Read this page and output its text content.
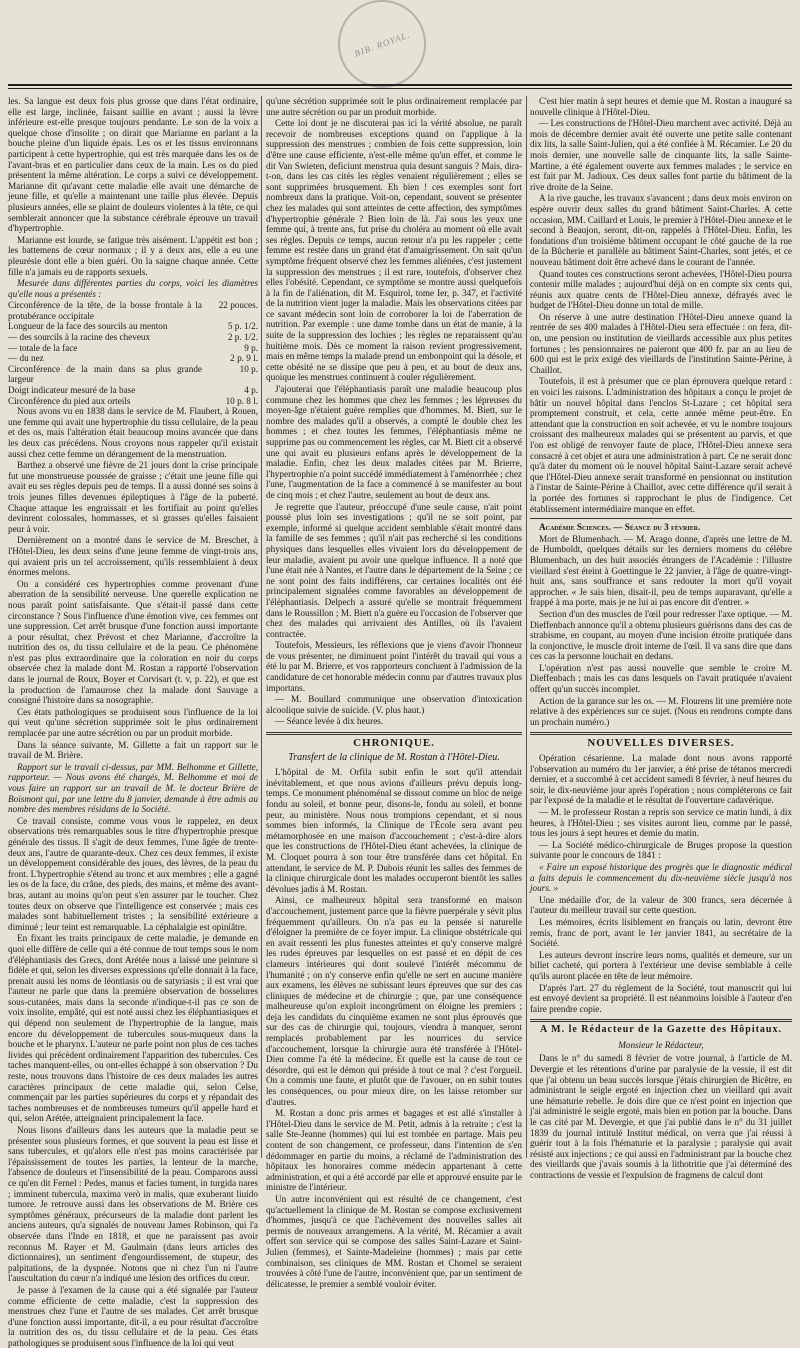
BIB. ROYAL.

les. Sa langue est deux fois plus grosse que dans l'état ordinaire, elle est large, inclinée, faisant saillie en avant ; aussi la lèvre inférieure est-elle presque toujours pendante. Le son de la voix a quelque chose d'insolite ; on dirait que Marianne en parlant a la bouche pleine d'un liquide épais. Les os et les tissus environnans participent à cette hypertrophie, qui est très marquée dans les os de l'avant-bras et en particulier dans ceux de la main. Les os du pied présentent la même altération. Le corps a suivi ce développement. Marianne dit qu'avant cette maladie elle avait une démarche de jeune fille, et qu'elle a maintenant une taille plus élevée. Depuis plusieurs années, elle se plaint de douleurs violentes à la tête, ce qui semblerait annoncer que la substance cérébrale éprouve un travail d'hypertrophie.

Marianne est lourde, se fatigue très aisément. L'appétit est bon ; les battemens de cœur normaux ; il y a deux ans, elle a eu une pleurésie dont elle a bien guéri. On la saigne chaque année. Cette fille n'a jamais eu de rapports sexuels.

Mesurée dans différentes parties du corps, voici les diamètres qu'elle nous a présentés :

Circonférence de la tête, de la bosse frontale à la protubérance occipitale
22 pouces.
Longueur de la face des sourcils au menton	5 p. 1/2.
— des sourcils à la racine des cheveux	2 p. 1/2.
— totale de la face	9 p.
— du nez	2 p. 9 l.
Circonférence de la main dans sa plus grande largeur
10 p.
Doigt indicateur mesuré de la base	4 p.
Circonférence du pied aux orteils	10 p. 8 l.

Nous avons vu en 1838 dans le service de M. Flaubert, à Rouen, une femme qui avait une hypertrophie du tissu cellulaire, de la peau et des os, mais l'altération était beaucoup moins avancée que dans les deux cas précédens. Nous croyons nous rappeler qu'il existait aussi chez cette femme un dérangement de la menstruation.

Barthez a observé une fièvre de 21 jours dont la crise principale fut une monstrueuse poussée de graisse ; c'était une jeune fille qui avait eu ses règles depuis peu de temps. Il a aussi donné ses soins à trois jeunes filles devenues épileptiques à l'âge de la puberté. Chaque attaque les engraissait et les fortifiait au point qu'elles devinrent colossales, hommasses, et si grasses qu'elles faisaient peur à voir.

Dernièrement on a montré dans le service de M. Breschet, à l'Hôtel-Dieu, les deux seins d'une jeune femme de vingt-trois ans, qui avaient pris un tel accroissement, qu'ils ressemblaient à deux énormes melons.

On a considéré ces hypertrophies comme provenant d'une aberration de la sensibilité nerveuse. Une querelle explication ne nous paraît point satisfaisante. Que s'était-il passé dans cette circonstance ? Sous l'influence d'une émotion vive, ces femmes ont une suppression. Cet arrêt brusque d'une fonction aussi importante a pour résultat, chez Prévost et chez Marianne, d'accroître la nutrition des os, du tissu cellulaire et de la peau. Ce phénomène n'est pas plus extraordinaire que la coloration en noir du corps observée chez la malade dont M. Rostan a rapporté l'observation dans le journal de Roux, Boyer et Corvisart (t. v, p. 22), et que est la production de l'amaurose chez la malade dont Sauvage a consigné l'histoire dans sa nosographie.

Ces états pathologiques se produisent sous l'influence de la loi qui veut qu'une sécrétion supprimée soit le plus ordinairement remplacée par une autre sécrétion ou par un produit morbide.

Dans la séance suivante, M. Gillette a fait un rapport sur le travail de M. Brière.

Rapport sur le travail ci-dessus, par MM. Belhomme et Gillette, rapporteur. — Nous avons été chargés, M. Belhomme et moi de vous faire un rapport sur un travail de M. le docteur Brière de Boismont qui, par une lettre du 8 janvier, demande à être admis au nombre des membres résidans de la Société.

Ce travail consiste, comme vous vous le rappelez, en deux observations très remarquables sous le titre d'hypertrophie presque générale des tissus. Il s'agit de deux femmes, l'une âgée de trente-deux ans, l'autre de quarante-deux. Chez ces deux femmes, il existe un développement considérable des joues, des lèvres, de la peau du front. L'hypertrophie s'étend au tronc et aux membres ; elle a gagné les os de la face, du crâne, des pieds, des mains, et même des avant-bras, autant au moins qu'on peut s'en assurer par le toucher. Chez toutes deux on observe que l'intelligence est conservée ; mais ces malades sont habituellement tristes ; la sensibilité extérieure a diminué ; leur teint est remarquable. La céphalalgie est opiniâtre.

En fixant les traits principaux de cette maladie, je demande en quoi elle diffère de celle qui a été connue de tout temps sous le nom d'éléphantiasis des Grecs, dont Arétée nous a laissé une peinture si fidèle et qui, selon les diverses expressions qu'elle donnait à la face, prenait aussi les noms de léontiasis ou de satyriasis ; il est vrai que l'auteur ne parle que dans la première observation de bosselures sous-cutanées, mais dans la seconde n'indique-t-il pas ce son de voix insolite, empâté, qui est noté aussi chez les éléphantiasiques et qui dépend non seulement de l'hypertrophie de la langue, mais encore du développement de tubercules sous-muqueux dans la bouche et le pharynx. L'auteur ne parle point non plus de ces taches livides qui précèdent ordinairement l'apparition des tubercules. Ces taches manquent-elles, ou ont-elles échappé à son observation ? Du reste, nous trouvons dans l'histoire de ces deux malades les autres caractères principaux de cette maladie qui, selon Celse, commençait par les parties supérieures du corps et y répandait des taches nombreuses et de nombreuses tumeurs qu'il appelle hard et qui, selon Arétée, atteignaient principalement la face.

Nous lisons d'ailleurs dans les auteurs que la maladie peut se présenter sous plusieurs formes, et que souvent la peau est lisse et sans tubercules, et qu'alors elle n'est pas moins caractérisée par l'épaississement de toutes les parties, la lenteur de la marche, l'absence de douleurs et l'insensibilité de la peau. Comparons aussi ce qu'en dit Fernel : Pedes, manus et facies tument, in turgida nares ; imminent tubercula, maxima verò in malis, quæ exuberant liuido tumore. Je retrouve aussi dans les observations de M. Brière ces symptômes généraux, précurseurs de la maladie dont parlent les anciens auteurs, qu'a signalés de nouveau James Robinson, qui l'a observée dans l'Inde en 1818, et que ne paraissent pas avoir reconnus M. Rayer et M. Gaulmain (dans leurs articles des dictionnaires), un sentiment d'engourdissement, de stupeur, des palpitations, de la dyspnée. Notons que ni chez l'un ni l'autre l'auscultation du cœur n'a indiqué une lésion des orifices du cœur.

Je passe à l'examen de la cause qui a été signalée par l'auteur comme efficiente de cette maladie, c'est la suppression des menstrues chez l'une et l'autre de ses malades. Cet arrêt brusque d'une fonction aussi importante, dit-il, a eu pour résultat d'accroître la nutrition des os, du tissu cellulaire et de la peau. Ces états pathologiques se produisent sous l'influence de la loi qui veut

qu'une sécrétion supprimée soit le plus ordinairement remplacée par une autre sécrétion ou par un produit morbide.

Cette loi dont je ne discuterai pas ici la vérité absolue, ne paraît recevoir de nombreuses exceptions quand on l'applique à la suppression des menstrues ; combien de fois cette suppression, loin d'être une cause efficiente, n'est-elle même qu'un effet, et comme le dit Van Swieten, deficiunt menstrua quia desunt sanguis ? Mais, dira-t-on, dans les cas cités les règles venaient régulièrement ; elles se sont supprimées brusquement. Eh bien ! ces exemples sont fort nombreux dans la pratique. Voit-on, cependant, souvent se présenter chez les malades qui sont atteintes de cette affection, des symptômes d'hypertrophie générale ? Bien loin de là. J'ai sous les yeux une femme qui, à trente ans, fut prise du choléra au moment où elle avait ses règles. Depuis ce temps, aucun retour n'a pu les rappeler ; cette femme est restée dans un grand état d'amaigrissement. On sait qu'un symptôme fréquent observé chez les femmes aliénées, c'est justement la suppression des menstrues ; il est rare, toutefois, d'observer chez elles l'obésité. Cependant, ce symptôme se montre aussi quelquefois à la fin de l'aliénation, dit M. Esquirol, tome Ier, p. 347, et l'activité de la nutrition vient juger la maladie. Mais les observations citées par ce savant médecin sont loin de corroborer la loi de l'aberration de nutrition. Par exemple : une dame tombe dans un état de manie, à la suite de la suppression des lochies ; les règles ne reparaissent qu'au huitième mois. Dès ce moment la raison revient progressivement, mais en même temps la malade prend un embonpoint qui la désole, et cette obésité ne se dissipe que peu à peu, et au bout de deux ans, quoique les menstrues continuent à couler régulièrement.

J'ajouterai que l'éléphantiasis paraît une maladie beaucoup plus commune chez les hommes que chez les femmes ; les lépreuses du moyen-âge n'étaient guère remplies que d'hommes. M. Biett, sur le nombre des malades qu'il a observés, a compté le double chez les hommes ; et chez toutes les femmes, l'éléphantiasis même ne supprime pas ou commencement les règles, car M. Biett cit a observé une qui avait eu plusieurs enfans après le développement de la maladie. Enfin, chez les deux malades citées par M. Brierre, l'hypertrophie n'a point succédé immédiatement à l'aménorrhée ; chez l'une, l'augmentation de la face a commencé à se manifester au bout de cinq mois ; et chez l'autre, seulement au bout de deux ans.

Je regrette que l'auteur, préoccupé d'une seule cause, n'ait point poussé plus loin ses investigations ; qu'il ne se soit point, par exemple, informé si quelque accident semblable s'était montré dans la famille de ses femmes ; qu'il n'ait pas recherché si les conditions physiques dans lesquelles elles vivaient lors du développement de leur maladie, avaient pu avoir une quelque influence. Il a noté que l'une était née à Nantes, et l'autre dans le département de la Seine ; ce ne sont point des faits indifférens, car certaines localités ont été principalement signalées comme favorables au développement de l'éléphantiasis. Delpech a assuré qu'elle se montrait fréquemment dans le Roussillon ; M. Biett n'a guère eu l'occasion de l'observer que chez des malades qui arrivaient des Antilles, où ils l'avaient contractée.

Toutefois, Messieurs, les réflexions que je viens d'avoir l'honneur de vous présenter, ne diminuent point l'intérêt du travail qui vous a été lu par M. Brierre, et vos rapporteurs concluent à l'admission de la candidature de cet honorable médecin connu par d'autres travaux plus importans.

— M. Boullard communique une observation d'intoxication alcoolique suivie de suicide. (V. plus haut.)

— Séance levée à dix heures.

CHRONIQUE.
Transfert de la clinique de M. Rostan à l'Hôtel-Dieu.

L'hôpital de M. Orfila subit enfin le sort qu'il attendait inévitablement, et que nous avions d'ailleurs prévu depuis long-temps. Ce monument phénoménal se dissout comme un bloc de neige fondu au soleil, et bonne peur, disons-le, fondu au soleil, et bonne peur, au ministère. Nous nous trompions cependant, et si nous sommes bien informés, la Clinique de l'École sera avant peu métamorphosée en une maison d'accouchement ; c'est-à-dire alors que les constructions de l'Hôtel-Dieu étant achevées, la clinique de M. Cloquet pourra à son tour être transférée dans cet hôpital. En attendant, le service de M. P. Dubois réunit les salles des femmes de la clinique chirurgicale dont les malades occuperont bientôt les salles dévolues jadis à M. Rostan.

Ainsi, ce malheureux hôpital sera transformé en maison d'accouchement, justement parce que la fièvre puerpérale y sévit plus fréquemment qu'ailleurs. On n'a pas eu la pensée si naturelle d'éloigner la première de ce foyer impur. La clinique obstétricale qui en avait ressenti les plus funestes atteintes et qu'y conserve malgré les rudes épreuves par lesquelles on est passé et en dépit de ces clameurs intérieures qui dont soulevé l'intérêt mécommu de l'humanité ; on n'y conserve enfin qu'elle ne sert en aucune manière aux examens, les élèves ne subissant leurs épreuves que sur des cas cliniques de médecine et de chirurgie ; que, par une conséquence malheureuse qu'on exploit incongrûment on éloigne les premiers ; deja les candidats du cinquième examen ne sont plus éprouvés que sur des cas de chirurgie qui, toujours, viendra à manquer, seront remplacés probablement par les nourrices du service d'accouchement, lorsque la chirurgie aura été transférée à l'Hôtel-Dieu comme l'a été la médecine. Et quelle est la cause de tout ce désordre, qui est le démon qui préside à tout ce mal ? c'est l'orgueil. On a commis une faute, et plutôt que de l'avouer, on en subit toutes les conséquences, ou pour mieux dire, on les laisse retomber sur d'autres.

M. Rostan a donc pris armes et bagages et est allé s'installer à l'Hôtel-Dieu dans le service de M. Petit, admis à la retraite ; c'est la salle Ste-Jeanne (hommes) qui lui est tombée en partage. Mais peu content de son changement, ce professeur, dans l'intention de s'en dédommager en partie du moins, a réclamé de l'administration des hôpitaux les honoraires comme médecin appartenant à cette administration, et qui a été accordé par elle et approuvé ensuite par le ministre de l'intérieur.

Un autre inconvénient qui est résulté de ce changement, c'est qu'actuellement la clinique de M. Rostan se compose exclusivement d'hommes, jusqu'à ce que l'achèvement des nouvelles salles ait permis de nouveaux arrangemens. A la vérité, M. Récamier a avait offert son service qui se compose des salles Saint-Lazare et Saint-Julien (femmes), et Sainte-Madeleine (hommes) ; mais par cette combinaison, ses cliniques de MM. Rostan et Chomel se seraient trouvées à côté l'une de l'autre, inconvénient que, par un sentiment de délicatesse, le premier a semblé vouloir éviter.

C'est hier matin à sept heures et demie que M. Rostan a inauguré sa nouvelle clinique à l'Hôtel-Dieu.

— Les constructions de l'Hôtel-Dieu marchent avec activité. Déjà au mois de décembre dernier avait été ouverte une petite salle contenant dix lits, la salle Saint-Julien, qui a été confiée à M. Récamier. Le 20 du mois dernier, une nouvelle salle de cinquante lits, la salle Sainte-Martine, a été également ouverte aux femmes malades ; le service en est fait par M. Jadioux. Ces deux salles font partie du bâtiment de la rive droite de la Seine.

A la rive gauche, les travaux s'avancent ; dans deux mois environ on espère ouvrir deux salles du grand bâtiment Saint-Charles. A cette occasion, MM. Caillard et Louis, le premier à l'Hôtel-Dieu annexe et le second à Beaujon, seront, dit-on, rappelés à l'Hôtel-Dieu. Enfin, les fondations d'un troisième bâtiment occupant le côté gauche de la rue de la Bûcherie et parallèle au bâtiment Saint-Charles, sont jetés, et ce nouveau bâtiment doit être achevé dans le courant de l'année.

Quand toutes ces constructions seront achevées, l'Hôtel-Dieu pourra contenir mille malades ; aujourd'hui déjà on en compte six cents qui, réunis aux quatre cents de l'Hôtel-Dieu annexe, défrayés avec le budget de l'Hôtel-Dieu donne un total de mille.

On réserve à une autre destination l'Hôtel-Dieu annexe quand la rentrée de ses 400 malades à l'Hôtel-Dieu sera effectuée : on fera, dit-on, une pension ou institution de vieillards accessible aux plus petites fortunes ; les pensionnaires ne paieront que 400 fr. par an au lieu de 600 qui est le prix exigé des vieillards de l'institution Sainte-Périne, à Chaillot.

Toutefois, il est à présumer que ce plan éprouvera quelque retard : en voici les raisons. L'administration des hôpitaux a conçu le projet de bâtir un nouvel hôpital dans l'enclos St-Lazare ; cet hôpital sera promptement construit, et cela, cette année même peut-être. En attendant que la construction en soit achevée, et vu le nombre toujours croissant des malheureux malades qui se présentent au parvis, et que l'on est obligé de renvoyer faute de place, l'Hôtel-Dieu annexe sera consacré à cet objet et aura une administration à part. Ce ne serait donc qu'à dater du moment où le nouvel hôpital Saint-Lazare serait achevé que l'Hôtel-Dieu annexe serait transformé en pensionnat ou institution à l'instar de Sainte-Périne à Chaillot, avec cette différence qu'il serait à la portée des fortunes si rapprochant le plus de l'indigence. Cet établissement intermédiaire manque en effet.

Académie Sciences. — Séance du 3 février.

Mort de Blumenbach. — M. Arago donne, d'après une lettre de M. de Humboldt, quelques détails sur les derniers momens du célèbre Blumenbach, un des huit associés étrangers de l'Académie : l'illustre vieillard s'est éteint à Goettingue le 22 janvier, à l'âge de quatre-vingt-huit ans, sans souffrance et sans redouter la mort qu'il voyait approcher. « Je sais bien, disait-il, peu de temps auparavant, qu'elle a frappé à ma porte, mais je ne lui ai pas encore dit d'entrer. »

Section d'un des muscles de l'œil pour redresser l'axe optique. — M. Dieffenbach annonce qu'il a obtenu plusieurs guérisons dans des cas de strabisme, en coupant, au moyen d'une incision étroite pratiquée dans la conjonctive, le muscle droit interne de l'œil. Il va sans dire que dans ces cas la personne louchait en dedans.

L'opération n'est pas aussi nouvelle que semble le croire M. Dieffenbach ; mais les cas dans lesquels on l'avait pratiquée n'avaient offert qu'un succès incomplet.

Action de la garance sur les os. — M. Flourens lit une première note relative à des expériences sur ce sujet. (Nous en rendrons compte dans un prochain numéro.)

NOUVELLES DIVERSES.

Opération césarienne. La malade dont nous avons rapporté l'observation au numéro du 1er janvier, a été prise de tétanos mercredi dernier, et a succombé à cet accident samedi 8 février, à neuf heures du soir, le dix-neuvième jour après l'opération ; nous compléterons ce fait par l'exposé de la maladie et le résultat de l'ouverture cadavérique.

— M. le professeur Rostan a repris son service ce matin lundi, à dix heures, à l'Hôtel-Dieu ; ses visites auront lieu, comme par le passé, tous les jours à sept heures et demie du matin.

— La Société médico-chirurgicale de Bruges propose la question suivante pour le concours de 1841 :

« Faire un exposé historique des progrès que le diagnostic médical a faits depuis le commencement du dix-neuvième siècle jusqu'à nos jours. »

Une médaille d'or, de la valeur de 300 francs, sera décernée à l'auteur du meilleur travail sur cette question.

Les mémoires, écrits lisiblement en français ou latin, devront être remis, franc de port, avant le 1er janvier 1841, au secrétaire de la Société.

Les auteurs devront inscrire leurs noms, qualités et demeure, sur un billet cacheté, qui portera à l'extérieur une devise semblable à celle qu'ils auront placée en tête de leur mémoire.

D'après l'art. 27 du règlement de la Société, tout manuscrit qui lui est envoyé devient sa propriété. Il est néanmoins loisible à l'auteur d'en faire prendre copie.

A M. le Rédacteur de la Gazette des Hôpitaux.
Monsieur le Rédacteur,

Dans le n° du samedi 8 février de votre journal, à l'article de M. Devergie et les rétentions d'urine par paralysie de la vessie, il est dit que j'ai obtenu un beau succès lorsque j'étais chirurgien de Bicêtre, en administrant le seigle ergoté en injection chez un vieillard qui avait une hématurie rebelle. Je dois dire que ce n'est point en injection que j'ai administré le seigle ergoté, mais bien en potion par la bouche. Dans le cas cité par M. Devergie, et que j'ai publié dans le n° du 31 juillet 1839 du journal intitulé Institut médical, on verra que j'ai réussi à guérir tout à la fois l'hématurie et la paralysie ; paralysie qui avait résisté aux injections ; ce qui aussi en l'administrant par la bouche chez des vieillards que j'avais soumis à la lithotritie que j'ai déterminé des contractions de vessie et l'expulsion de fragmens de calcul dont
